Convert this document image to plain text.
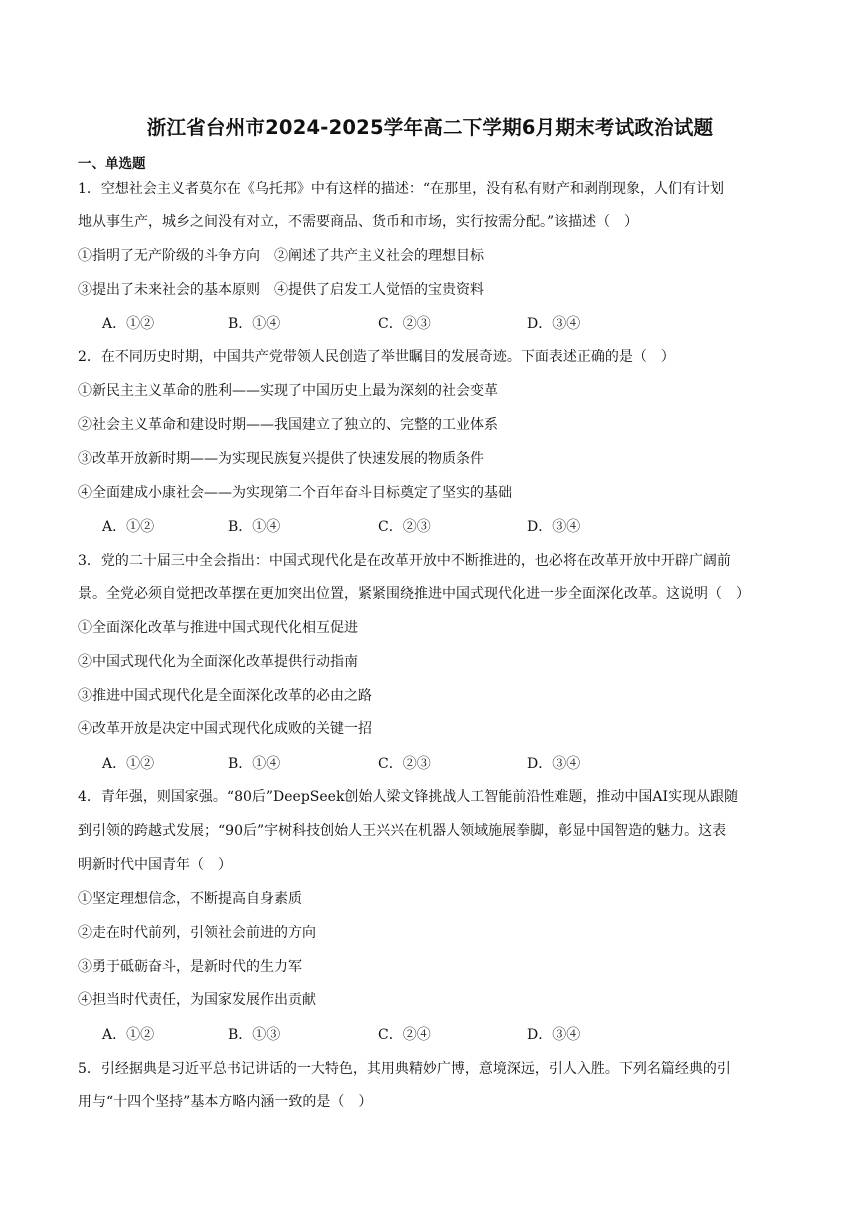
浙江省台州市2024-2025学年高二下学期6月期末考试政治试题
一、单选题
1．空想社会主义者莫尔在《乌托邦》中有这样的描述：“在那里，没有私有财产和剥削现象，人们有计划
地从事生产，城乡之间没有对立，不需要商品、货币和市场，实行按需分配。”该描述（　）
①指明了无产阶级的斗争方向　②阐述了共产主义社会的理想目标
③提出了未来社会的基本原则　④提供了启发工人觉悟的宝贵资料
A．①②	B．①④	C．②③	D．③④
2．在不同历史时期，中国共产党带领人民创造了举世瞩目的发展奇迹。下面表述正确的是（　）
①新民主主义革命的胜利——实现了中国历史上最为深刻的社会变革
②社会主义革命和建设时期——我国建立了独立的、完整的工业体系
③改革开放新时期——为实现民族复兴提供了快速发展的物质条件
④全面建成小康社会——为实现第二个百年奋斗目标奠定了坚实的基础
A．①②	B．①④	C．②③	D．③④
3．党的二十届三中全会指出：中国式现代化是在改革开放中不断推进的，也必将在改革开放中开辟广阔前
景。全党必须自觉把改革摆在更加突出位置，紧紧围绕推进中国式现代化进一步全面深化改革。这说明（　）
①全面深化改革与推进中国式现代化相互促进
②中国式现代化为全面深化改革提供行动指南
③推进中国式现代化是全面深化改革的必由之路
④改革开放是决定中国式现代化成败的关键一招
A．①②	B．①④	C．②③	D．③④
4．青年强，则国家强。“80后”DeepSeek创始人梁文锋挑战人工智能前沿性难题，推动中国AI实现从跟随
到引领的跨越式发展；“90后”宇树科技创始人王兴兴在机器人领域施展拳脚，彰显中国智造的魅力。这表
明新时代中国青年（　）
①坚定理想信念，不断提高自身素质
②走在时代前列，引领社会前进的方向
③勇于砥砺奋斗，是新时代的生力军
④担当时代责任，为国家发展作出贡献
A．①②	B．①③	C．②④	D．③④
5．引经据典是习近平总书记讲话的一大特色，其用典精妙广博，意境深远，引人入胜。下列名篇经典的引
用与“十四个坚持”基本方略内涵一致的是（　）
